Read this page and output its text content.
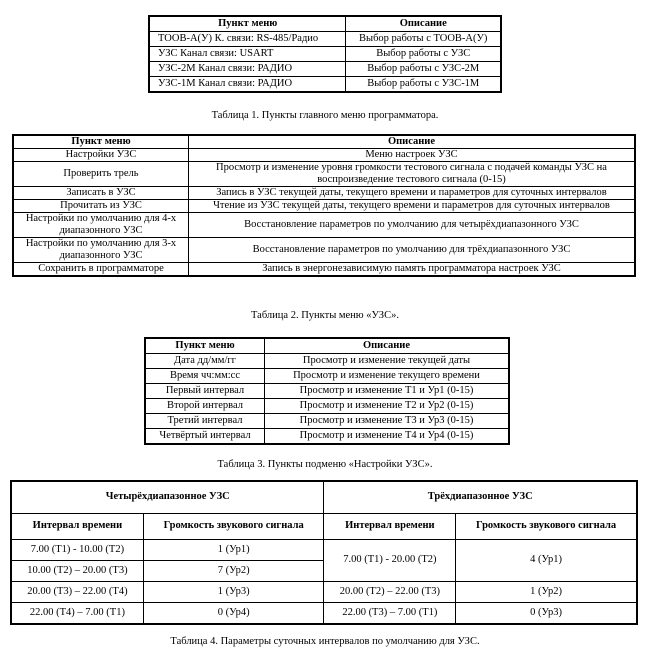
Пункт меню	Описание
ТООВ-А(У) К. связи: RS-485/Радио	Выбор работы с ТООВ-А(У)
УЗС Канал связи: USART	Выбор работы с УЗС
УЗС-2М Канал связи: РАДИО	Выбор работы с УЗС-2М
УЗС-1М Канал связи: РАДИО	Выбор работы с УЗС-1М
Таблица 1. Пункты главного меню программатора.
Пункт меню	Описание
Настройки УЗС	Меню настроек УЗС
Проверить трель	Просмотр и изменение уровня громкости тестового сигнала с подачей команды УЗС на воспроизведение тестового сигнала (0-15)
Записать в УЗС	Запись в УЗС текущей даты, текущего времени и параметров для суточных интервалов
Прочитать из УЗС	Чтение из УЗС текущей даты, текущего времени и параметров для суточных интервалов
Настройки по умолчанию для 4-х диапазонного УЗС	Восстановление параметров по умолчанию для четырёхдиапазонного УЗС
Настройки по умолчанию для 3-х диапазонного УЗС	Восстановление параметров по умолчанию для трёхдиапазонного УЗС
Сохранить в программаторе	Запись в энергонезависимую память программатора настроек УЗС
Таблица 2. Пункты меню «УЗС».
Пункт меню	Описание
Дата дд/мм/гг	Просмотр и изменение текущей даты
Время чч:мм:сс	Просмотр и изменение текущего времени
Первый интервал	Просмотр и изменение Т1 и Ур1 (0-15)
Второй интервал	Просмотр и изменение Т2 и Ур2 (0-15)
Третий интервал	Просмотр и изменение Т3 и Ур3 (0-15)
Четвёртый интервал	Просмотр и изменение Т4 и Ур4 (0-15)
Таблица 3. Пункты подменю «Настройки УЗС».
Четырёхдиапазонное УЗС		Трёхдиапазонное УЗС	
Интервал времени	Громкость звукового сигнала	Интервал времени	Громкость звукового сигнала
7.00 (Т1) - 10.00 (Т2)	1 (Ур1)	7.00 (Т1) - 20.00 (Т2)	4 (Ур1)
10.00 (Т2) – 20.00 (Т3)	7 (Ур2)		
20.00 (Т3) – 22.00 (Т4)	1 (Ур3)	20.00 (Т2) – 22.00 (Т3)	1 (Ур2)
22.00 (Т4) – 7.00 (Т1)	0 (Ур4)	22.00 (Т3) – 7.00 (Т1)	0 (Ур3)
Таблица 4. Параметры суточных интервалов по умолчанию для УЗС.
